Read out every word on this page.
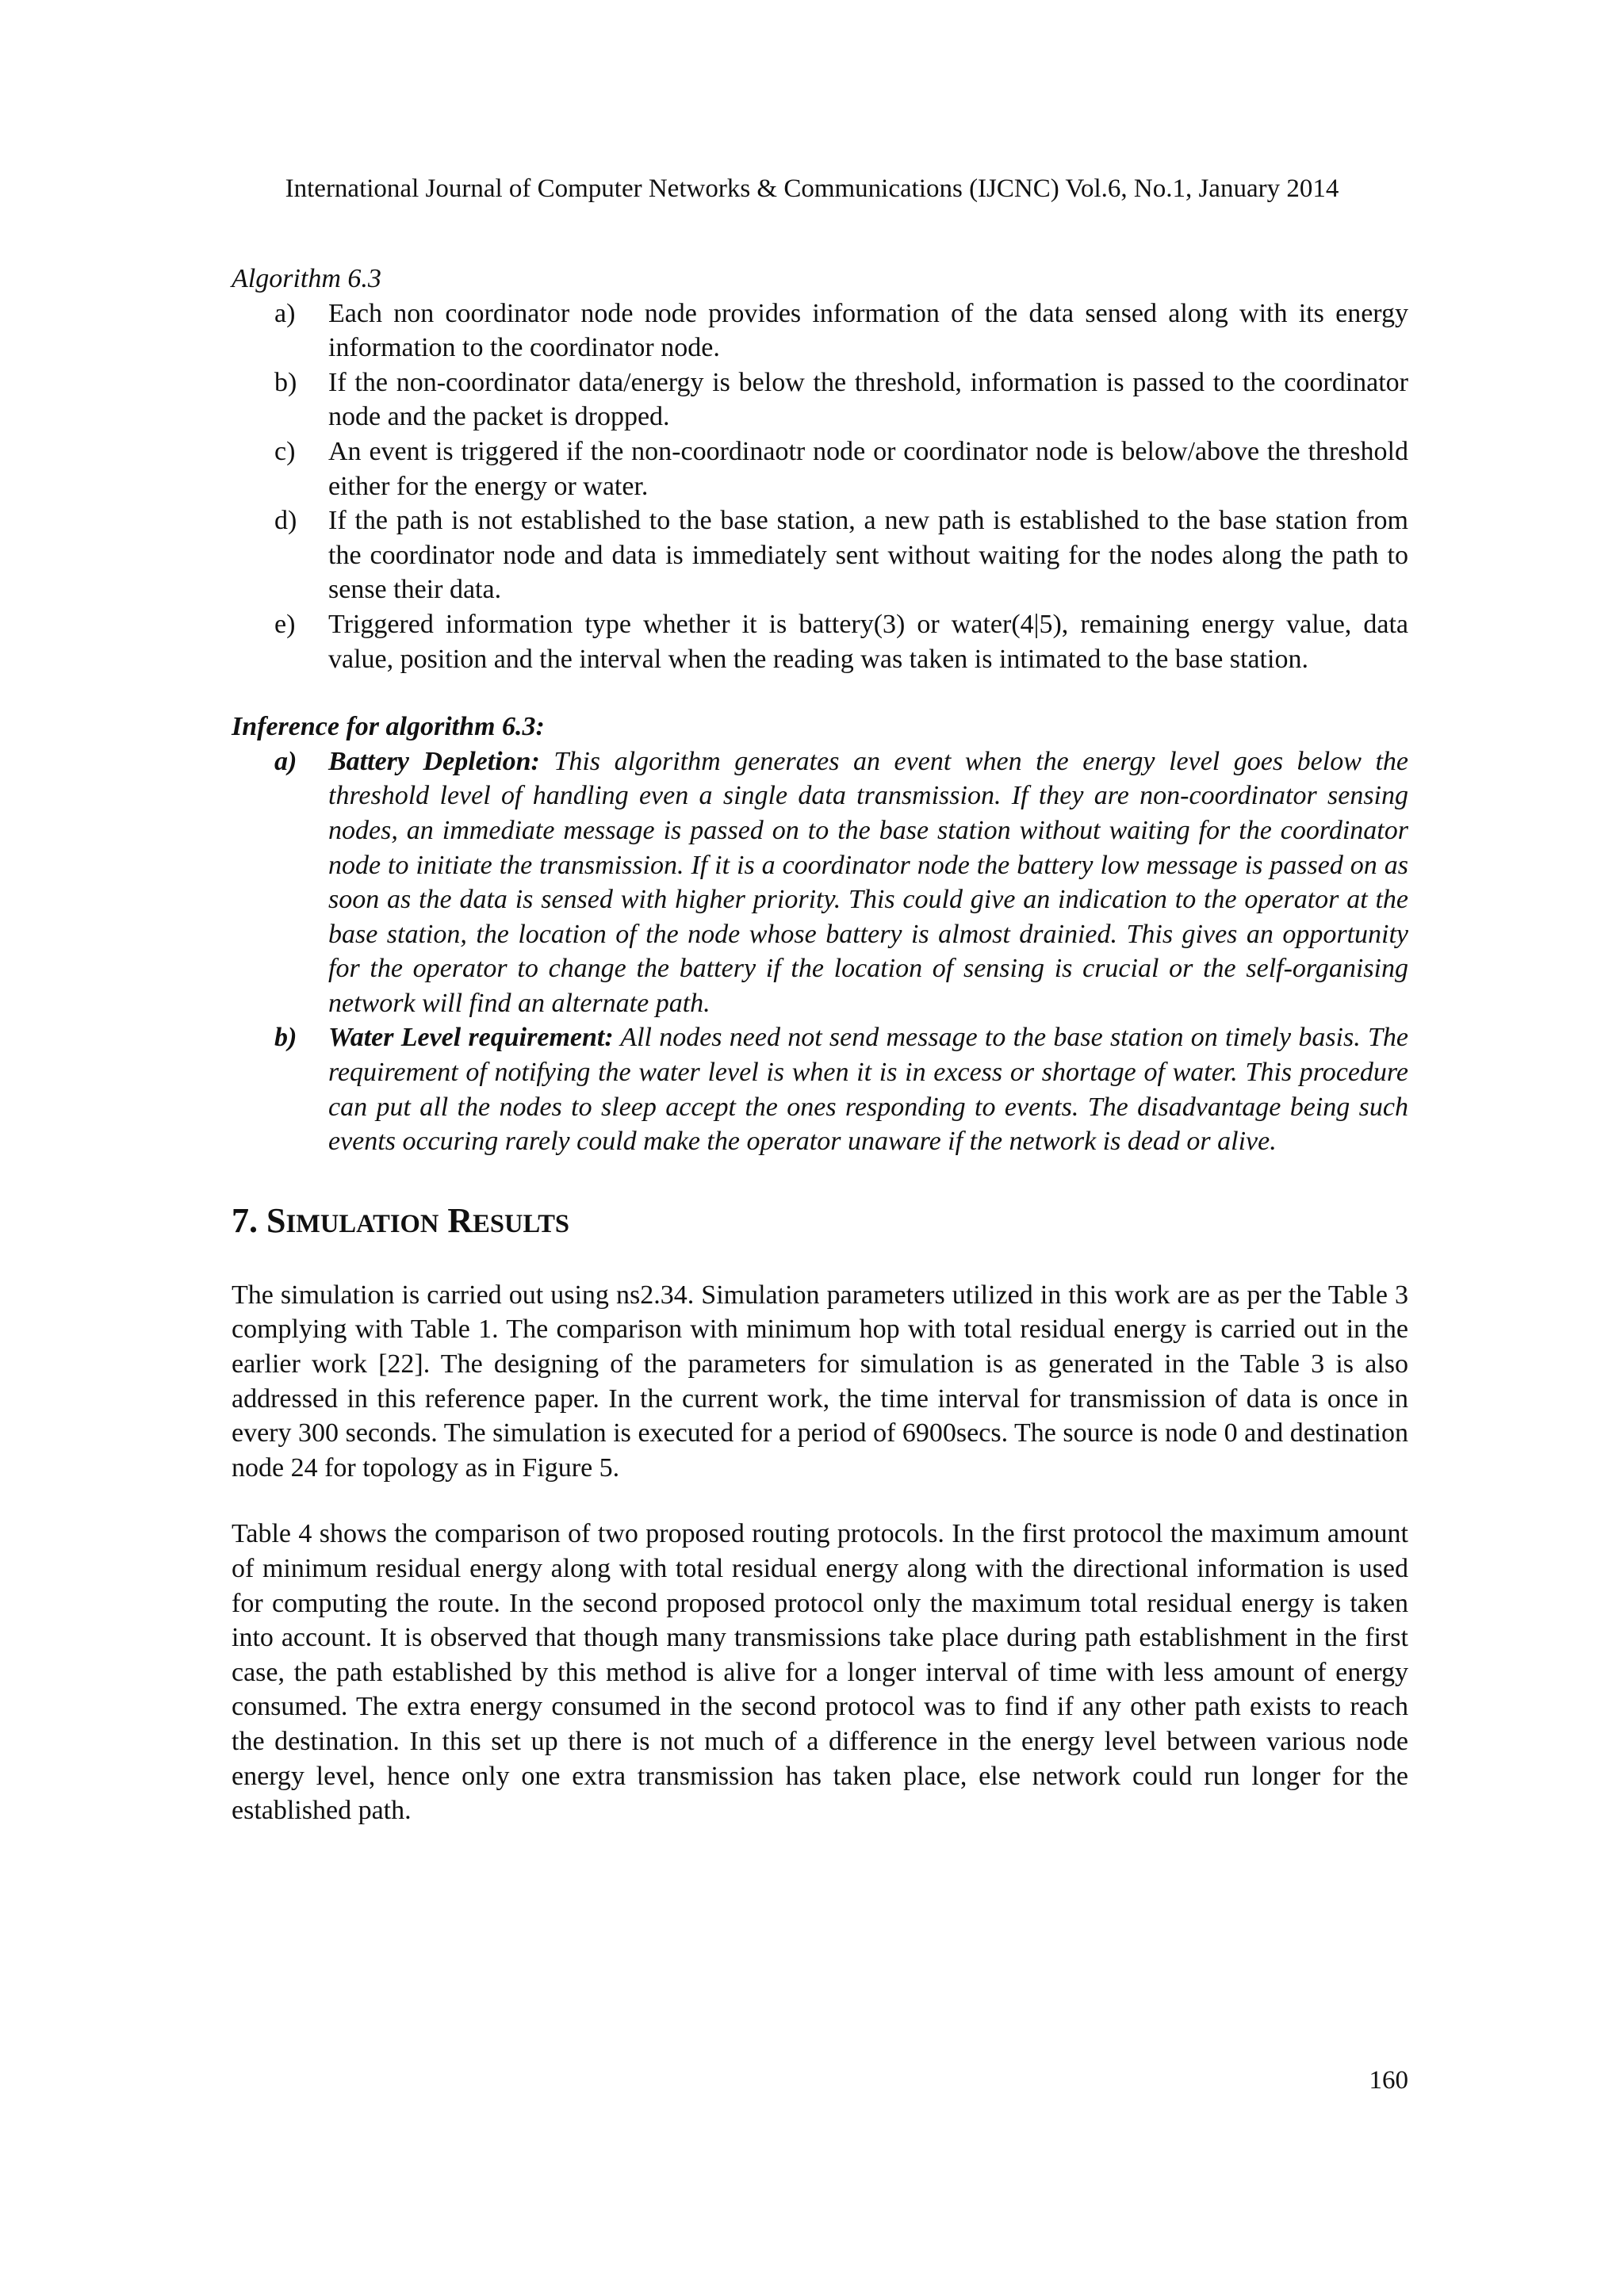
International Journal of Computer Networks & Communications (IJCNC) Vol.6, No.1, January 2014

Algorithm 6.3

a) Each non coordinator node node provides information of the data sensed along with its energy information to the coordinator node.
b) If the non-coordinator data/energy is below the threshold, information is passed to the coordinator node and the packet is dropped.
c) An event is triggered if the non-coordinaotr node or coordinator node is below/above the threshold either for the energy or water.
d) If the path is not established to the base station, a new path is established to the base station from the coordinator node and data is immediately sent without waiting for the nodes along the path to sense their data.
e) Triggered information type whether it is battery(3) or water(4|5), remaining energy value, data value, position and the interval when the reading was taken is intimated to the base station.

Inference for algorithm 6.3:

a) Battery Depletion: This algorithm generates an event when the energy level goes below the threshold level of handling even a single data transmission. If they are non-coordinator sensing nodes, an immediate message is passed on to the base station without waiting for the coordinator node to initiate the transmission. If it is a coordinator node the battery low message is passed on as soon as the data is sensed with higher priority. This could give an indication to the operator at the base station, the location of the node whose battery is almost drainied. This gives an opportunity for the operator to change the battery if the location of sensing is crucial or the self-organising network will find an alternate path.
b) Water Level requirement: All nodes need not send message to the base station on timely basis. The requirement of notifying the water level is when it is in excess or shortage of water. This procedure can put all the nodes to sleep accept the ones responding to events. The disadvantage being such events occuring rarely could make the operator unaware if the network is dead or alive.
7. SIMULATION RESULTS

The simulation is carried out using ns2.34. Simulation parameters utilized in this work are as per the Table 3 complying with Table 1. The comparison with minimum hop with total residual energy is carried out in the earlier work [22]. The designing of the parameters for simulation is as generated in the Table 3 is also addressed in this reference paper. In the current work, the time interval for transmission of data is once in every 300 seconds. The simulation is executed for a period of 6900secs. The source is node 0 and destination node 24 for topology as in Figure 5.

Table 4 shows the comparison of two proposed routing protocols. In the first protocol the maximum amount of minimum residual energy along with total residual energy along with the directional information is used for computing the route. In the second proposed protocol only the maximum total residual energy is taken into account. It is observed that though many transmissions take place during path establishment in the first case, the path established by this method is alive for a longer interval of time with less amount of energy consumed. The extra energy consumed in the second protocol was to find if any other path exists to reach the destination. In this set up there is not much of a difference in the energy level between various node energy level, hence only one extra transmission has taken place, else network could run longer for the established path.

160
